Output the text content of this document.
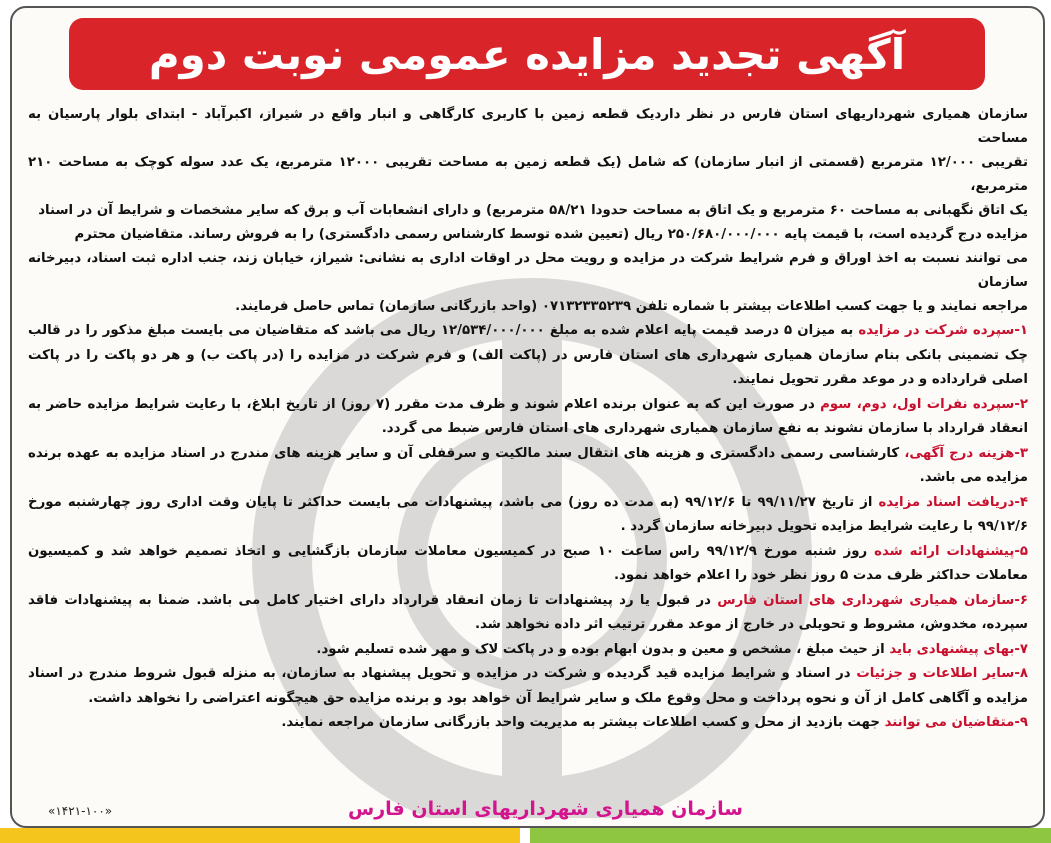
آگهی تجدید مزایده عمومی نوبت دوم
سازمان همیاری شهرداریهای استان فارس در نظر داردیک قطعه زمین با کاربری کارگاهی و انبار واقع در شیراز، اکبرآباد - ابتدای بلوار پارسیان به مساحت
تقریبی ۱۲/۰۰۰ مترمربع (قسمتی از انبار سازمان) که شامل (یک قطعه زمین به مساحت تقریبی ۱۲۰۰۰ مترمربع، یک عدد سوله کوچک به مساحت ۲۱۰ مترمربع،
یک اتاق نگهبانی به مساحت ۶۰ مترمربع و یک اتاق به مساحت حدودا ۵۸/۲۱ مترمربع) و دارای انشعابات آب و برق که سایر مشخصات و شرایط آن در اسناد
مزایده درج گردیده است، با قیمت پایه ۲۵۰/۶۸۰/۰۰۰/۰۰۰ ریال (تعیین شده توسط کارشناس رسمی دادگستری) را به فروش رساند. متقاضیان محترم
می توانند نسبت به اخذ اوراق و فرم شرایط شرکت در مزایده و رویت محل در اوقات اداری به نشانی: شیراز، خیابان زند، جنب اداره ثبت اسناد، دبیرخانه سازمان
مراجعه نمایند و یا جهت کسب اطلاعات بیشتر با شماره تلفن ۰۷۱۳۲۳۳۵۲۳۹ (واحد بازرگانی سازمان) تماس حاصل فرمایند.
۱-سپرده شرکت در مزایده به میزان ۵ درصد قیمت پایه اعلام شده به مبلغ ۱۲/۵۳۴/۰۰۰/۰۰۰ ریال می باشد که متقاضیان می بایست مبلغ مذکور را در قالب چک تضمینی بانکی بنام سازمان همیاری شهرداری های استان فارس در (پاکت الف) و فرم شرکت در مزایده را (در پاکت ب) و هر دو پاکت را در پاکت اصلی قرارداده و در موعد مقرر تحویل نمایند.
۲-سپرده نفرات اول، دوم، سوم در صورت این که به عنوان برنده اعلام شوند و ظرف مدت مقرر (۷ روز) از تاریخ ابلاغ، با رعایت شرایط مزایده حاضر به انعقاد قرارداد با سازمان نشوند به نفع سازمان همیاری شهرداری های استان فارس ضبط می گردد.
۳-هزینه درج آگهی، کارشناسی رسمی دادگستری و هزینه های انتقال سند مالکیت و سرقفلی آن و سایر هزینه های مندرج در اسناد مزایده به عهده برنده مزایده می باشد.
۴-دریافت اسناد مزایده از تاریخ ۹۹/۱۱/۲۷ تا ۹۹/۱۲/۶ (به مدت ده روز) می باشد، پیشنهادات می بایست حداکثر تا پایان وقت اداری روز چهارشنبه مورخ ۹۹/۱۲/۶ با رعایت شرایط مزایده تحویل دبیرخانه سازمان گردد .
۵-پیشنهادات ارائه شده روز شنبه مورخ ۹۹/۱۲/۹ راس ساعت ۱۰ صبح در کمیسیون معاملات سازمان بازگشایی و اتخاذ تصمیم خواهد شد و کمیسیون معاملات حداکثر ظرف مدت ۵ روز نظر خود را اعلام خواهد نمود.
۶-سازمان همیاری شهرداری های استان فارس در قبول یا رد پیشنهادات تا زمان انعقاد قرارداد دارای اختیار کامل می باشد. ضمنا به پیشنهادات فاقد سپرده، مخدوش، مشروط و تحویلی در خارج از موعد مقرر ترتیب اثر داده نخواهد شد.
۷-بهای پیشنهادی باید از حیث مبلغ ، مشخص و معین و بدون ابهام بوده و در پاکت لاک و مهر شده تسلیم شود.
۸-سایر اطلاعات و جزئیات در اسناد و شرایط مزایده قید گردیده و شرکت در مزایده و تحویل پیشنهاد به سازمان، به منزله قبول شروط مندرج در اسناد مزایده و آگاهی کامل از آن و نحوه پرداخت و محل وقوع ملک و سایر شرایط آن خواهد بود و برنده مزایده حق هیچگونه اعتراضی را نخواهد داشت.
۹-متقاضیان می توانند جهت بازدید از محل و کسب اطلاعات بیشتر به مدیریت واحد بازرگانی سازمان مراجعه نمایند.
سازمان همیاری شهرداریهای استان فارس
«۱۴۲۱-۱۰۰»
